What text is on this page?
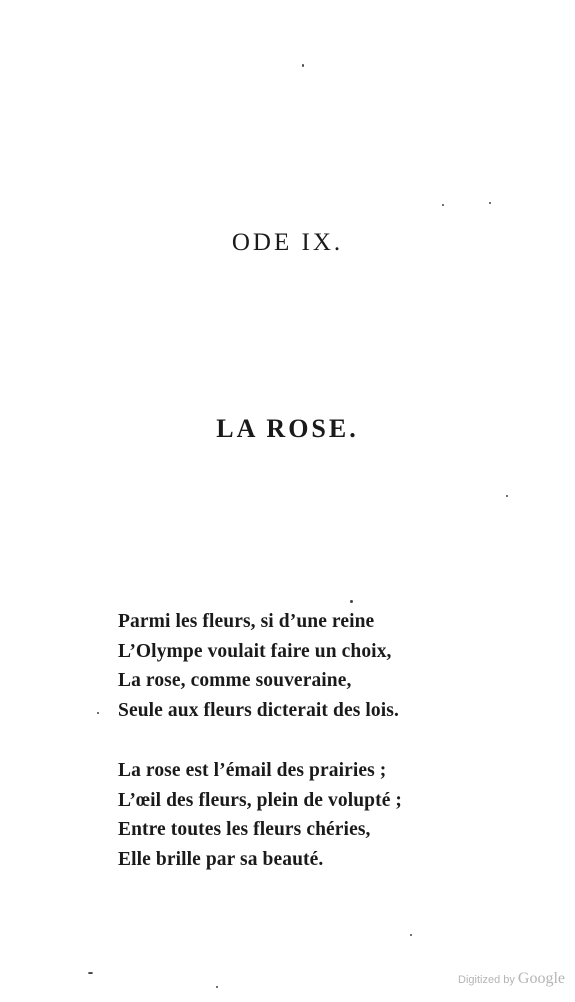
ODE IX.
LA ROSE.
Parmi les fleurs, si d’une reine
L’Olympe voulait faire un choix,
La rose, comme souveraine,
Seule aux fleurs dicterait des lois.
La rose est l’émail des prairies ;
L’œil des fleurs, plein de volupté ;
Entre toutes les fleurs chéries,
Elle brille par sa beauté.
Digitized by Google
